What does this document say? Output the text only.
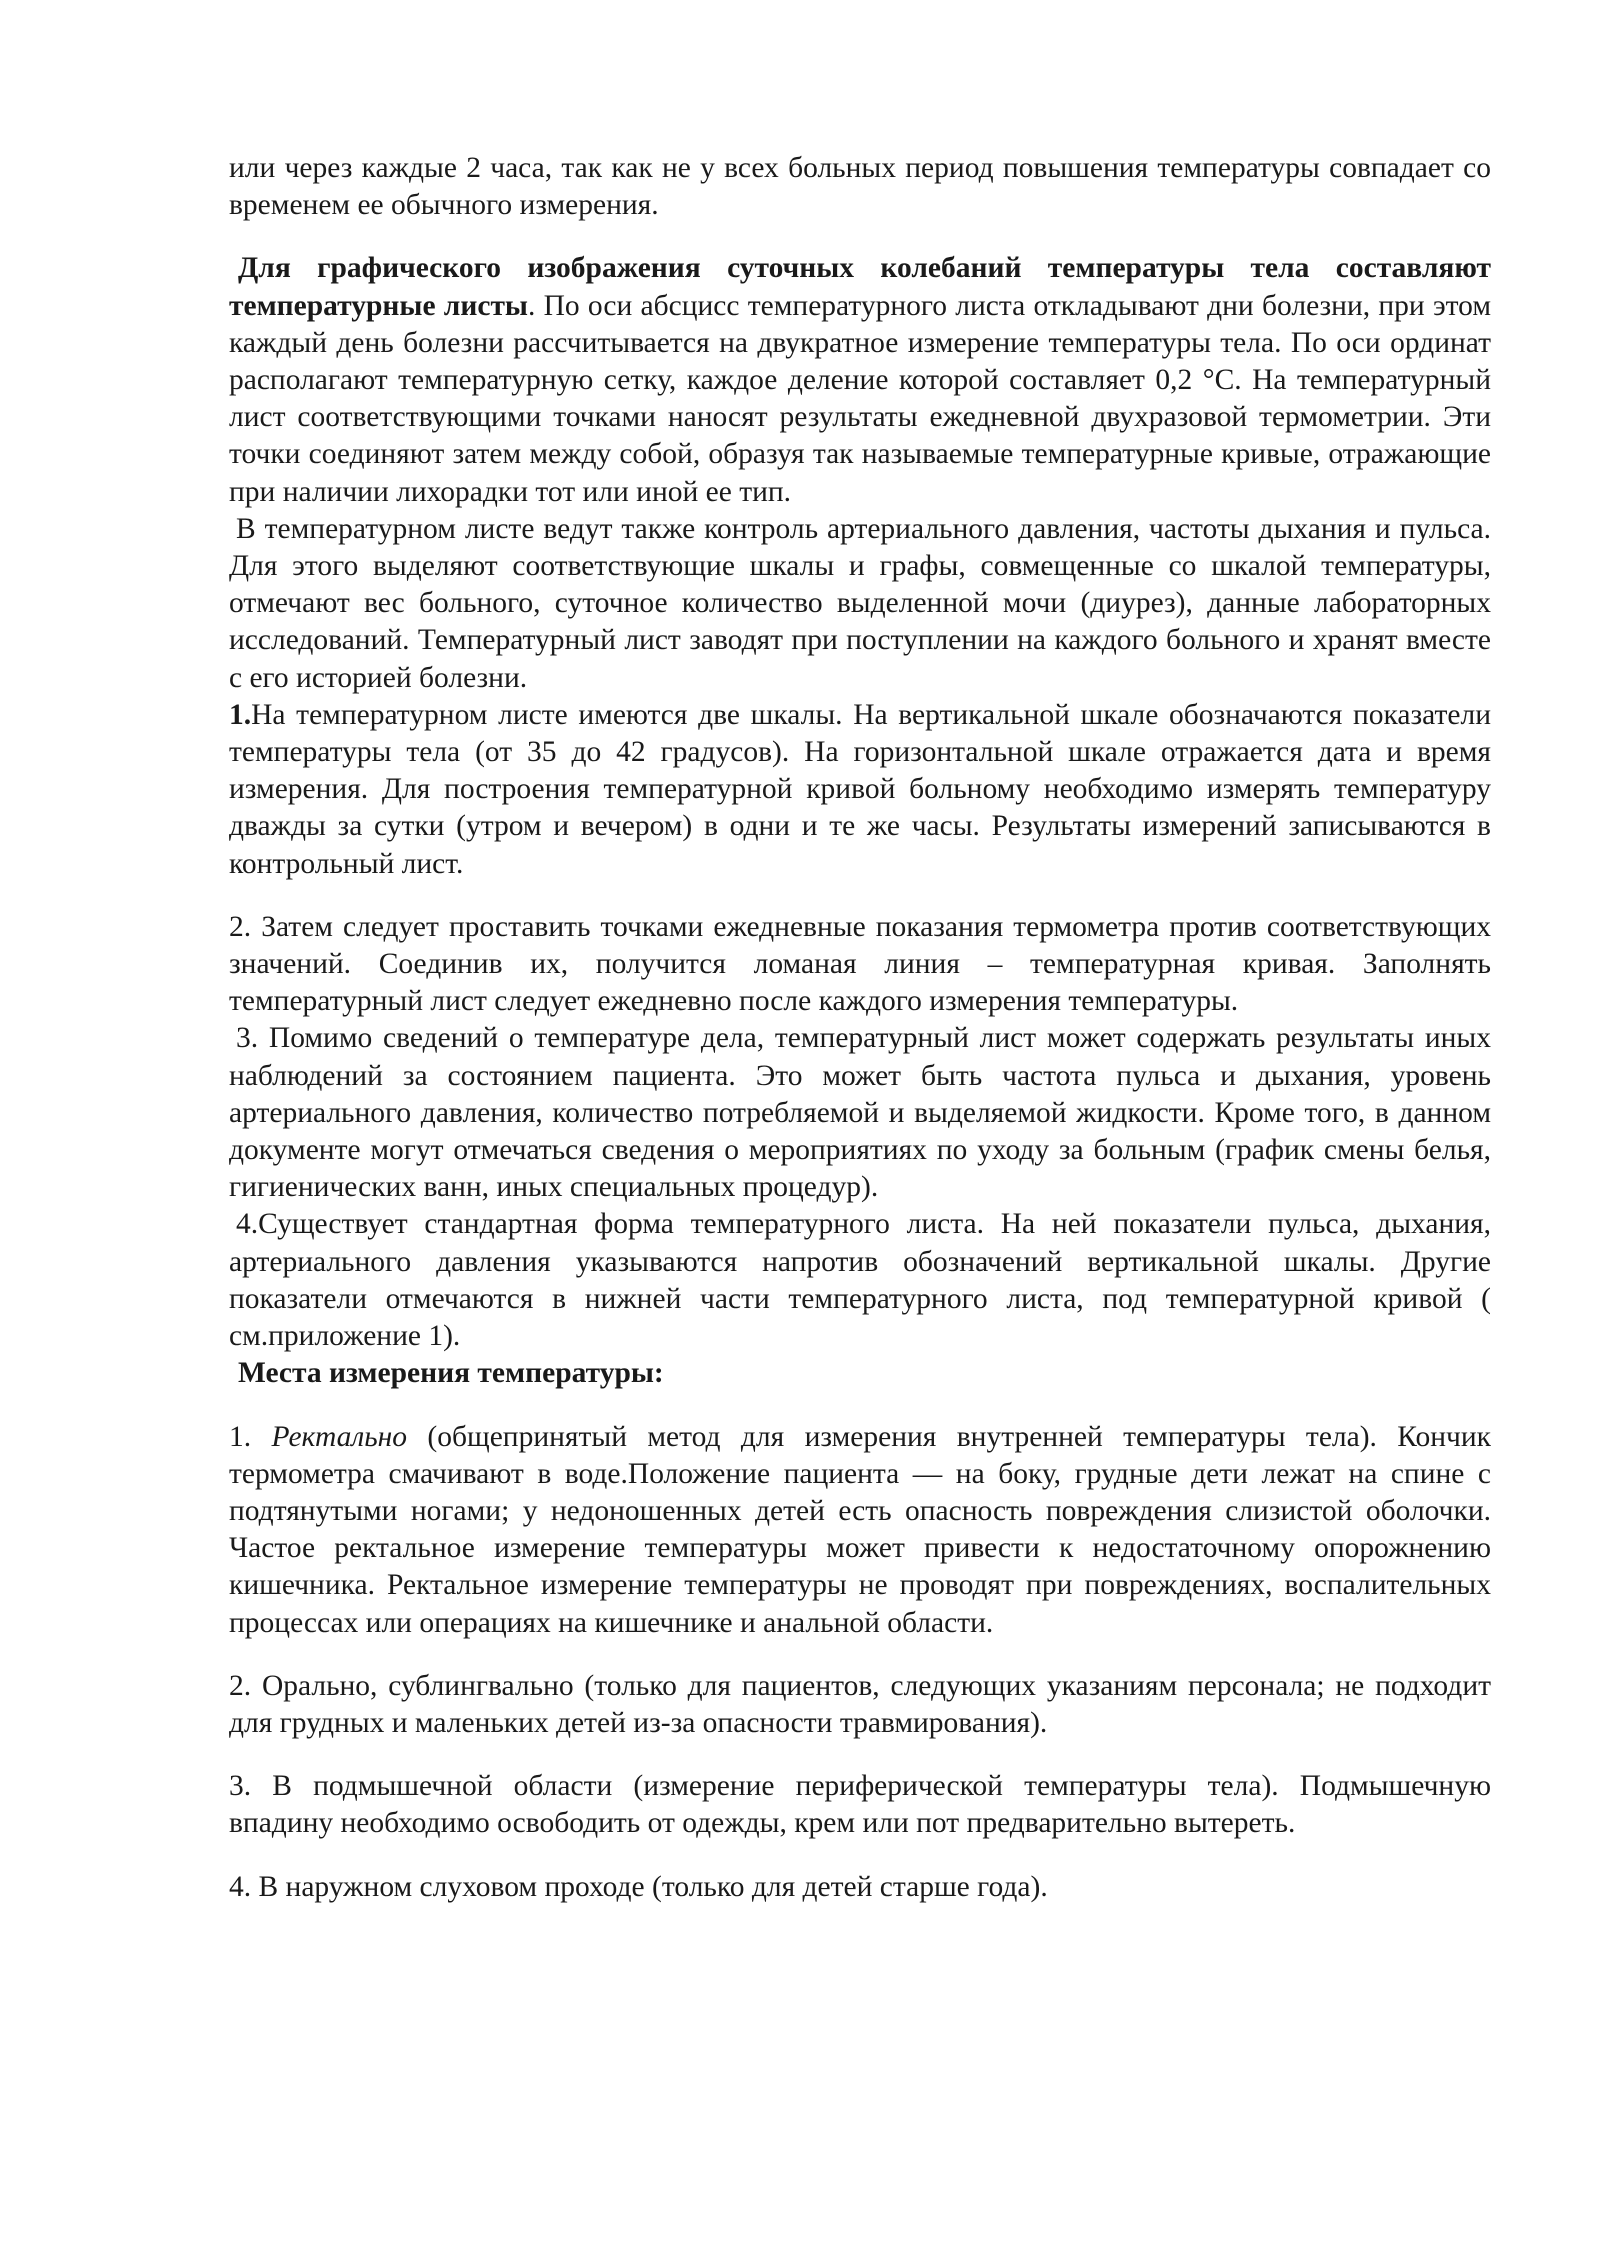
или через каждые 2 часа, так как не у всех больных период повышения температуры совпадает со временем ее обычного измерения.

Для графического изображения суточных колебаний температуры тела составляют температурные листы. По оси абсцисс температурного листа откладывают дни болезни, при этом каждый день болезни рассчитывается на двукратное измерение температуры тела. По оси ординат располагают температурную сетку, каждое деление которой составляет 0,2 °С. На температурный лист соответствующими точками наносят результаты ежедневной двухразовой термометрии. Эти точки соединяют затем между собой, образуя так называемые температурные кривые, отражающие при наличии лихорадки тот или иной ее тип.

В температурном листе ведут также контроль артериального давления, частоты дыхания и пульса. Для этого выделяют соответствующие шкалы и графы, совмещенные со шкалой температуры, отмечают вес больного, суточное количество выделенной мочи (диурез), данные лабораторных исследований. Температурный лист заводят при поступлении на каждого больного и хранят вместе с его историей болезни.

1.На температурном листе имеются две шкалы. На вертикальной шкале обозначаются показатели температуры тела (от 35 до 42 градусов). На горизонтальной шкале отражается дата и время измерения. Для построения температурной кривой больному необходимо измерять температуру дважды за сутки (утром и вечером) в одни и те же часы. Результаты измерений записываются в контрольный лист.

2. Затем следует проставить точками ежедневные показания термометра против соответствующих значений. Соединив их, получится ломаная линия – температурная кривая. Заполнять температурный лист следует ежедневно после каждого измерения температуры.

3. Помимо сведений о температуре дела, температурный лист может содержать результаты иных наблюдений за состоянием пациента. Это может быть частота пульса и дыхания, уровень артериального давления, количество потребляемой и выделяемой жидкости. Кроме того, в данном документе могут отмечаться сведения о мероприятиях по уходу за больным (график смены белья, гигиенических ванн, иных специальных процедур).

4.Существует стандартная форма температурного листа. На ней показатели пульса, дыхания, артериального давления указываются напротив обозначений вертикальной шкалы. Другие показатели отмечаются в нижней части температурного листа, под температурной кривой ( см.приложение 1).

Места измерения температуры:

1. Ректально (общепринятый метод для измерения внутренней температуры тела). Кончик термометра смачивают в воде.Положение пациента — на боку, грудные дети лежат на спине с подтянутыми ногами; у недоношенных детей есть опасность повреждения слизистой оболочки. Частое ректальное измерение температуры может привести к недостаточному опорожнению кишечника. Ректальное измерение температуры не проводят при повреждениях, воспалительных процессах или операциях на кишечнике и анальной области.

2. Орально, сублингвально (только для пациентов, следующих указаниям персонала; не подходит для грудных и маленьких детей из-за опасности травмирования).

3. В подмышечной области (измерение периферической температуры тела). Подмышечную впадину необходимо освободить от одежды, крем или пот предварительно вытереть.

4. В наружном слуховом проходе (только для детей старше года).
